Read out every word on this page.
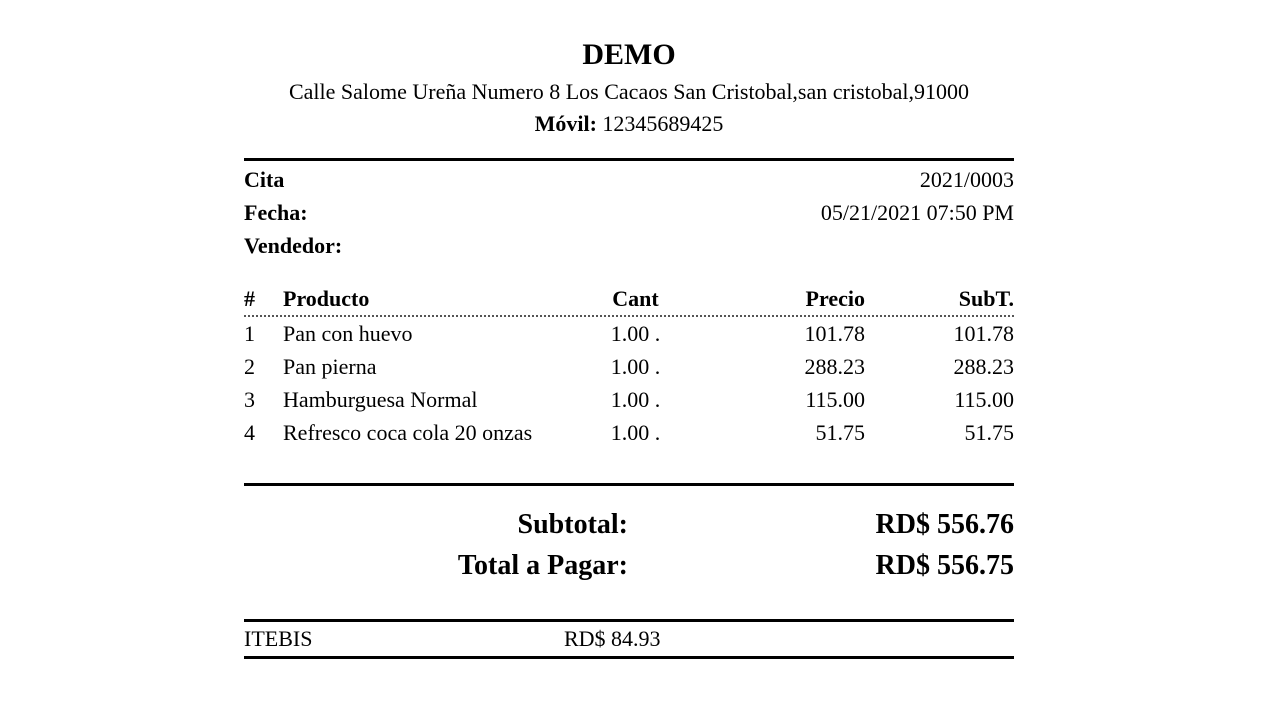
DEMO
Calle Salome Ureña Numero 8 Los Cacaos San Cristobal,san cristobal,91000
Móvil: 12345689425
Cita	2021/0003
Fecha:	05/21/2021 07:50 PM
Vendedor:
#	Producto	Cant	Precio	SubT.
1	Pan con huevo	1.00 .	101.78	101.78
2	Pan pierna	1.00 .	288.23	288.23
3	Hamburguesa Normal	1.00 .	115.00	115.00
4	Refresco coca cola 20 onzas	1.00 .	51.75	51.75
Subtotal:	RD$ 556.76
Total a Pagar:	RD$ 556.75
ITEBIS	RD$ 84.93
